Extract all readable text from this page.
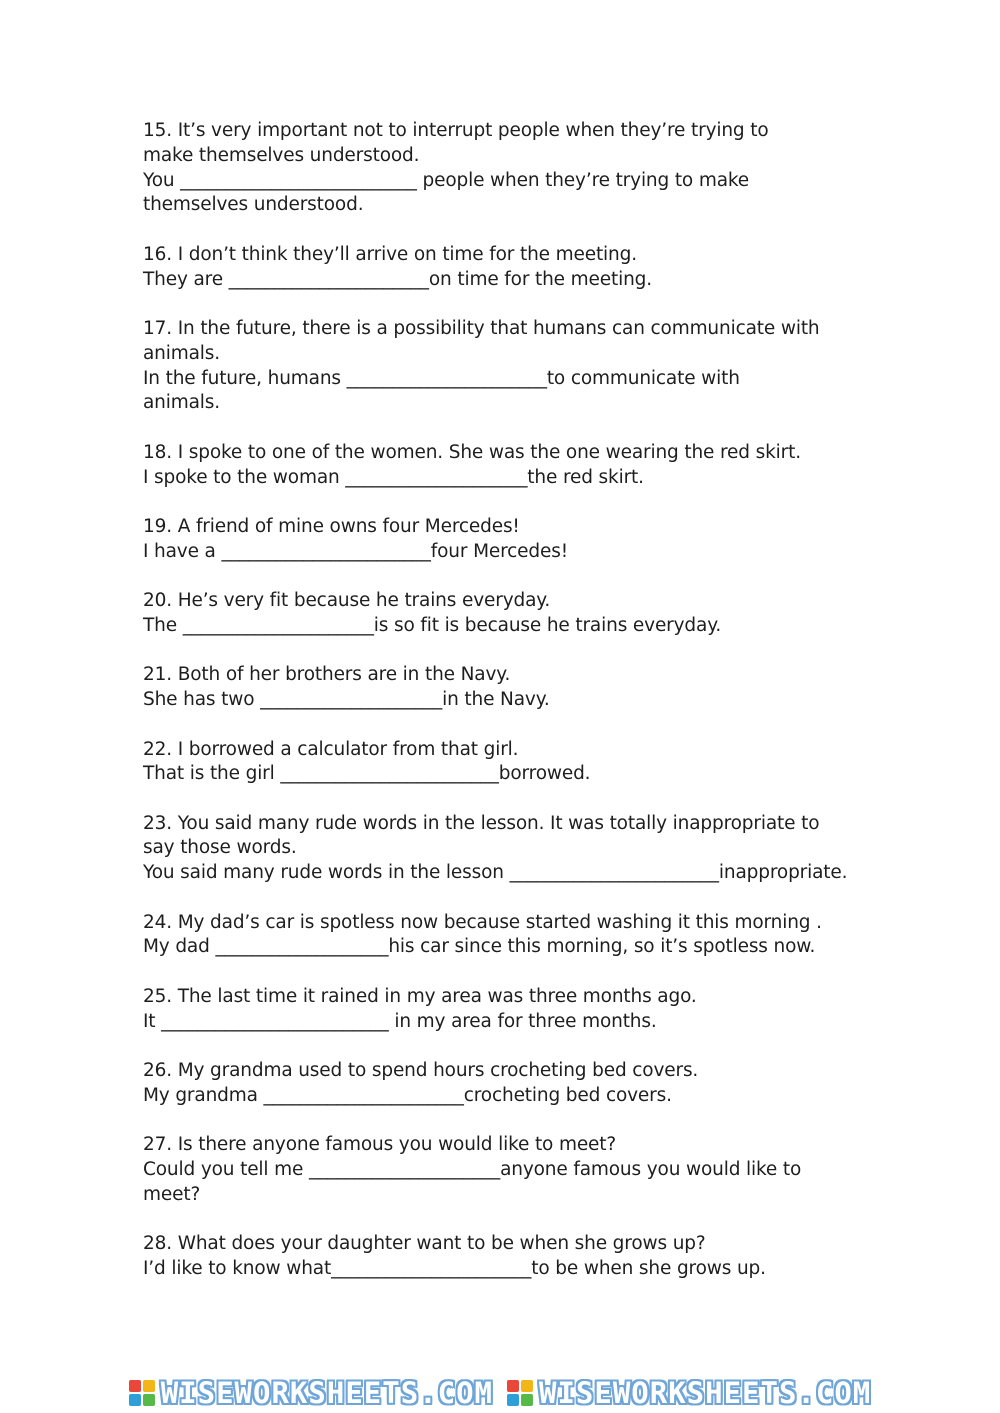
15. It’s very important not to interrupt people when they’re trying to
make themselves understood.
You __________________________ people when they’re trying to make
themselves understood.
16. I don’t think they’ll arrive on time for the meeting.
They are ______________________on time for the meeting.
17. In the future, there is a possibility that humans can communicate with
animals.
In the future, humans ______________________to communicate with
animals.
18. I spoke to one of the women. She was the one wearing the red skirt.
I spoke to the woman ____________________the red skirt.
19. A friend of mine owns four Mercedes!
I have a _______________________four Mercedes!
20. He’s very fit because he trains everyday.
The _____________________is so fit is because he trains everyday.
21. Both of her brothers are in the Navy.
She has two ____________________in the Navy.
22. I borrowed a calculator from that girl.
That is the girl ________________________borrowed.
23. You said many rude words in the lesson. It was totally inappropriate to
say those words.
You said many rude words in the lesson _______________________inappropriate.
24. My dad’s car is spotless now because started washing it this morning .
My dad ___________________his car since this morning, so it’s spotless now.
25. The last time it rained in my area was three months ago.
It _________________________ in my area for three months.
26. My grandma used to spend hours crocheting bed covers.
My grandma ______________________crocheting bed covers.
27. Is there anyone famous you would like to meet?
Could you tell me _____________________anyone famous you would like to
meet?
28. What does your daughter want to be when she grows up?
I’d like to know what______________________to be when she grows up.
WISEWORKSHEETS.COM WISEWORKSHEETS.COM
